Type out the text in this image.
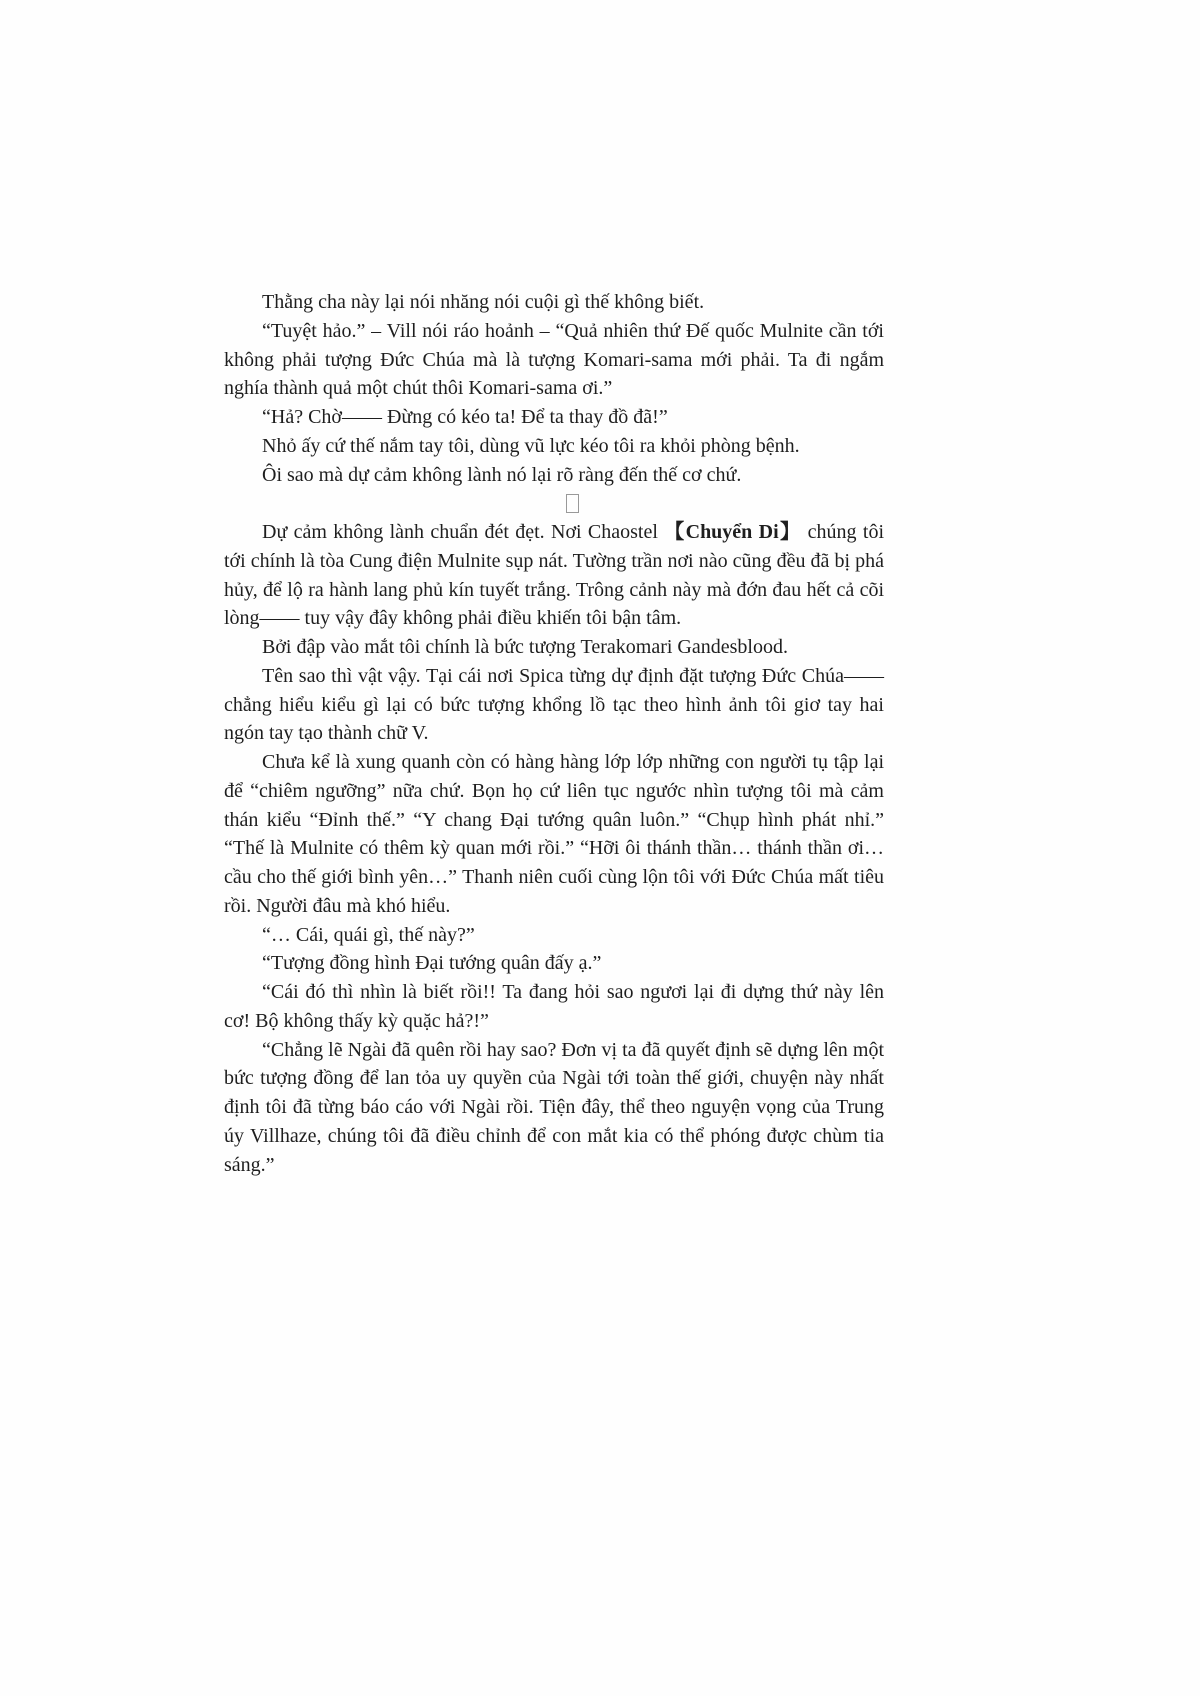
Thằng cha này lại nói nhăng nói cuội gì thế không biết.

“Tuyệt hảo.” – Vill nói ráo hoảnh – “Quả nhiên thứ Đế quốc Mulnite cần tới không phải tượng Đức Chúa mà là tượng Komari-sama mới phải. Ta đi ngắm nghía thành quả một chút thôi Komari-sama ơi.”

“Hả? Chờ—— Đừng có kéo ta! Để ta thay đồ đã!”

Nhỏ ấy cứ thế nắm tay tôi, dùng vũ lực kéo tôi ra khỏi phòng bệnh.

Ôi sao mà dự cảm không lành nó lại rõ ràng đến thế cơ chứ.

Dự cảm không lành chuẩn đét đẹt. Nơi Chaostel 【Chuyển Di】 chúng tôi tới chính là tòa Cung điện Mulnite sụp nát. Tường trần nơi nào cũng đều đã bị phá hủy, để lộ ra hành lang phủ kín tuyết trắng. Trông cảnh này mà đớn đau hết cả cõi lòng—— tuy vậy đây không phải điều khiến tôi bận tâm.

Bởi đập vào mắt tôi chính là bức tượng Terakomari Gandesblood.

Tên sao thì vật vậy. Tại cái nơi Spica từng dự định đặt tượng Đức Chúa—— chẳng hiểu kiểu gì lại có bức tượng khổng lồ tạc theo hình ảnh tôi giơ tay hai ngón tay tạo thành chữ V.

Chưa kể là xung quanh còn có hàng hàng lớp lớp những con người tụ tập lại để “chiêm ngưỡng” nữa chứ. Bọn họ cứ liên tục ngước nhìn tượng tôi mà cảm thán kiểu “Đỉnh thế.” “Y chang Đại tướng quân luôn.” “Chụp hình phát nhỉ.” “Thế là Mulnite có thêm kỳ quan mới rồi.” “Hỡi ôi thánh thần… thánh thần ơi… cầu cho thế giới bình yên…” Thanh niên cuối cùng lộn tôi với Đức Chúa mất tiêu rồi. Người đâu mà khó hiểu.

“… Cái, quái gì, thế này?”

“Tượng đồng hình Đại tướng quân đấy ạ.”

“Cái đó thì nhìn là biết rồi!! Ta đang hỏi sao ngươi lại đi dựng thứ này lên cơ! Bộ không thấy kỳ quặc hả?!”

“Chẳng lẽ Ngài đã quên rồi hay sao? Đơn vị ta đã quyết định sẽ dựng lên một bức tượng đồng để lan tỏa uy quyền của Ngài tới toàn thế giới, chuyện này nhất định tôi đã từng báo cáo với Ngài rồi. Tiện đây, thể theo nguyện vọng của Trung úy Villhaze, chúng tôi đã điều chỉnh để con mắt kia có thể phóng được chùm tia sáng.”
